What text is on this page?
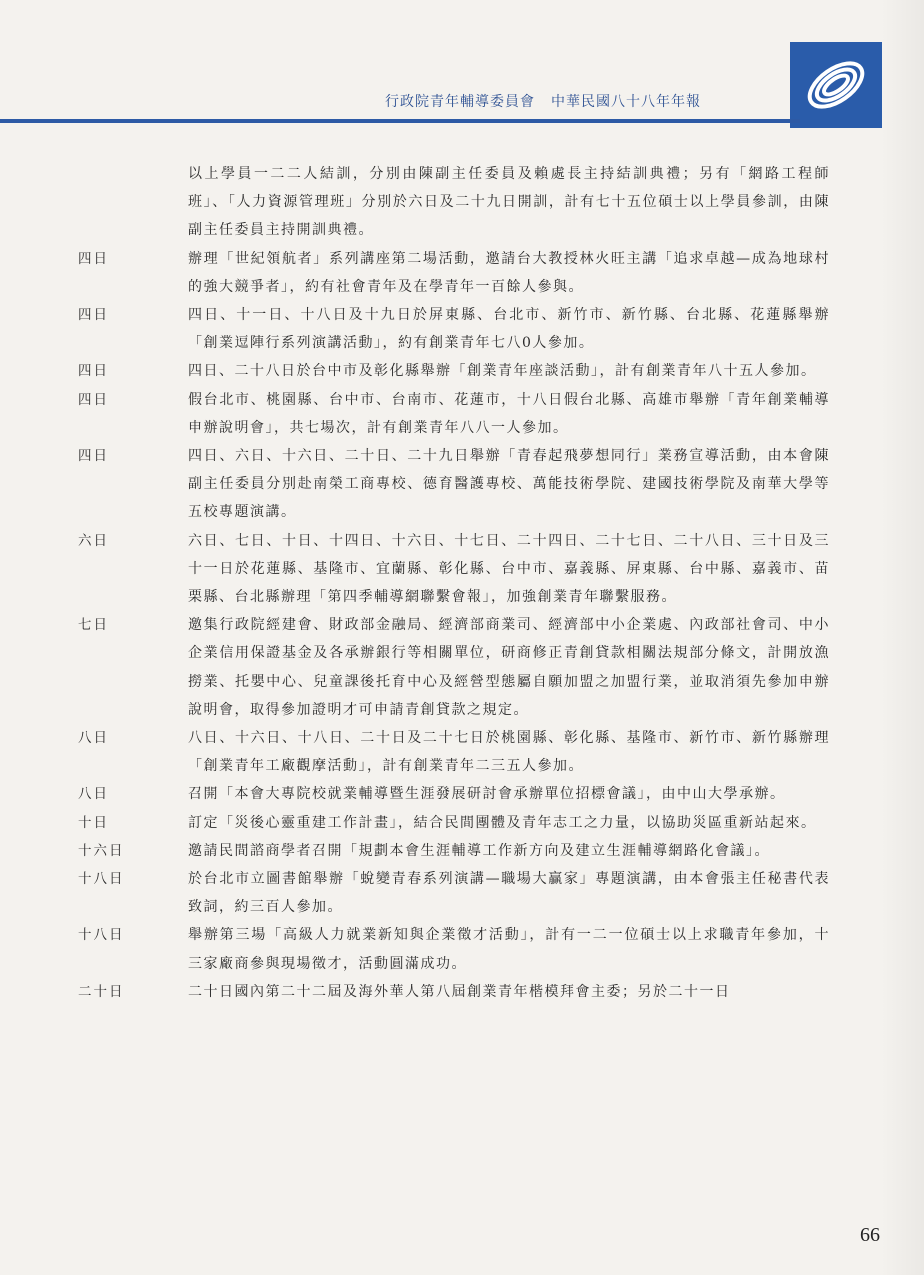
行政院青年輔導委員會 中華民國八十八年年報
以上學員一二二人結訓，分別由陳副主任委員及賴處長主持結訓典禮；另有「網路工程師班」、「人力資源管理班」分別於六日及二十九日開訓，計有七十五位碩士以上學員參訓，由陳副主任委員主持開訓典禮。
四日	辦理「世紀領航者」系列講座第二場活動，邀請台大教授林火旺主講「追求卓越—成為地球村的強大競爭者」，約有社會青年及在學青年一百餘人參與。
四日	四日、十一日、十八日及十九日於屏東縣、台北市、新竹市、新竹縣、台北縣、花蓮縣舉辦「創業逗陣行系列演講活動」，約有創業青年七八0人參加。
四日	四日、二十八日於台中市及彰化縣舉辦「創業青年座談活動」，計有創業青年八十五人參加。
四日	假台北市、桃園縣、台中市、台南市、花蓮市，十八日假台北縣、高雄市舉辦「青年創業輔導申辦說明會」，共七場次，計有創業青年八八一人參加。
四日	四日、六日、十六日、二十日、二十九日舉辦「青春起飛夢想同行」業務宣導活動，由本會陳副主任委員分別赴南榮工商專校、德育醫護專校、萬能技術學院、建國技術學院及南華大學等五校專題演講。
六日	六日、七日、十日、十四日、十六日、十七日、二十四日、二十七日、二十八日、三十日及三十一日於花蓮縣、基隆市、宜蘭縣、彰化縣、台中市、嘉義縣、屏東縣、台中縣、嘉義市、苗栗縣、台北縣辦理「第四季輔導網聯繫會報」，加強創業青年聯繫服務。
七日	邀集行政院經建會、財政部金融局、經濟部商業司、經濟部中小企業處、內政部社會司、中小企業信用保證基金及各承辦銀行等相關單位，研商修正青創貸款相關法規部分條文，計開放漁撈業、托嬰中心、兒童課後托育中心及經營型態屬自願加盟之加盟行業，並取消須先參加申辦說明會，取得參加證明才可申請青創貸款之規定。
八日	八日、十六日、十八日、二十日及二十七日於桃園縣、彰化縣、基隆市、新竹市、新竹縣辦理「創業青年工廠觀摩活動」，計有創業青年二三五人參加。
八日	召開「本會大專院校就業輔導暨生涯發展研討會承辦單位招標會議」，由中山大學承辦。
十日	訂定「災後心靈重建工作計畫」，結合民間團體及青年志工之力量，以協助災區重新站起來。
十六日	邀請民間諮商學者召開「規劃本會生涯輔導工作新方向及建立生涯輔導網路化會議」。
十八日	於台北市立圖書館舉辦「蛻變青春系列演講—職場大贏家」專題演講，由本會張主任秘書代表致詞，約三百人參加。
十八日	舉辦第三場「高級人力就業新知與企業徵才活動」，計有一二一位碩士以上求職青年參加，十三家廠商參與現場徵才，活動圓滿成功。
二十日	二十日國內第二十二屆及海外華人第八屆創業青年楷模拜會主委；另於二十一日
66
